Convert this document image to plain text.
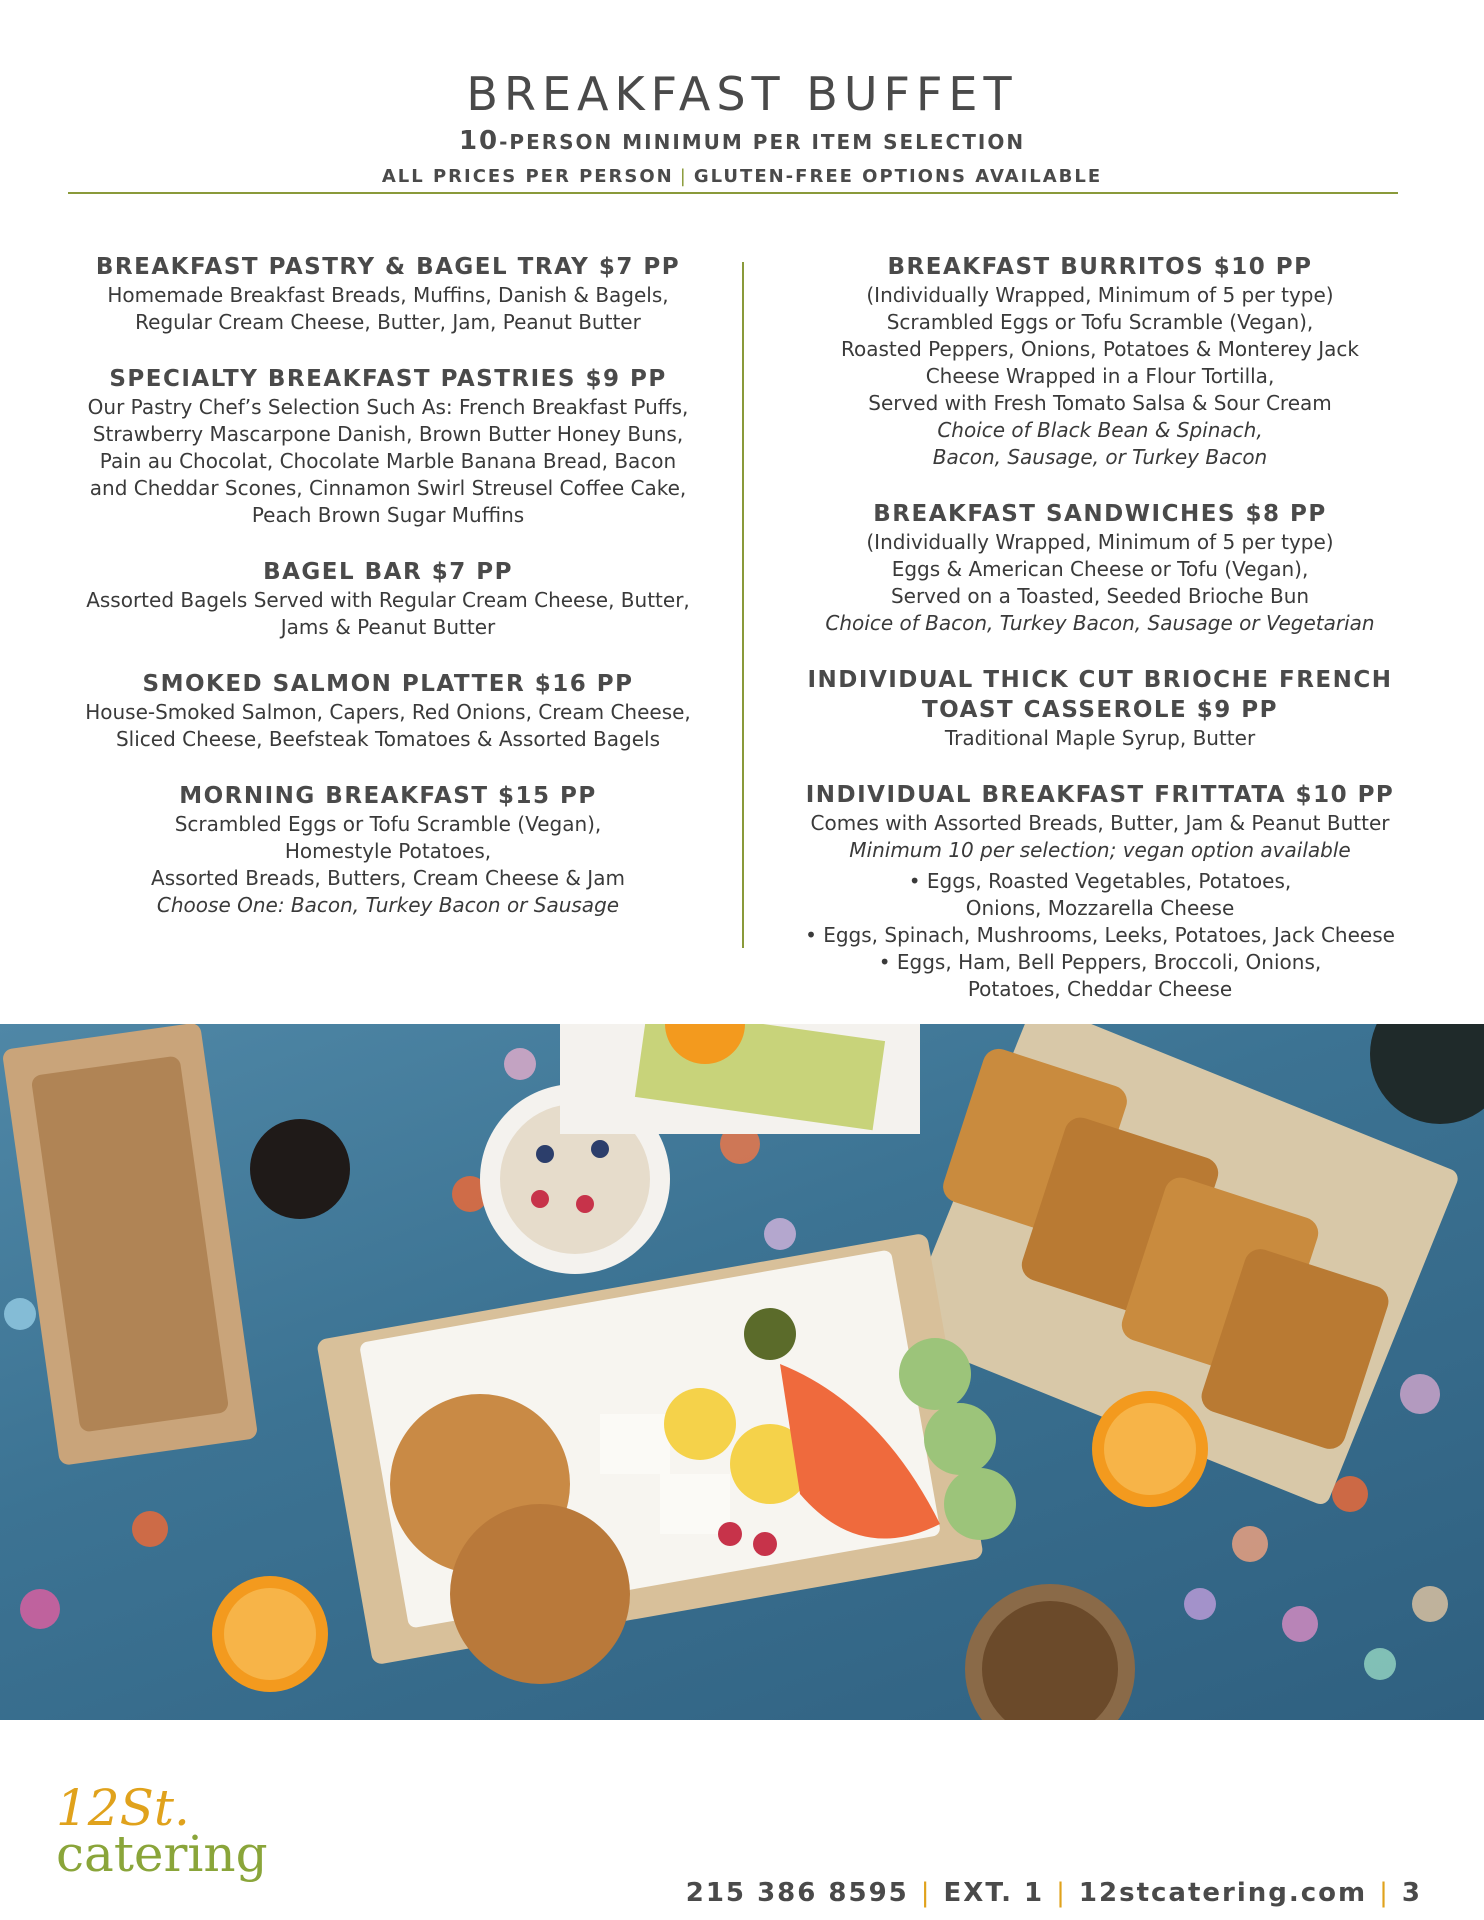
BREAKFAST BUFFET
10-PERSON MINIMUM PER ITEM SELECTION
ALL PRICES PER PERSON | GLUTEN-FREE OPTIONS AVAILABLE
BREAKFAST PASTRY & BAGEL TRAY $7 PP

Homemade Breakfast Breads, Muffins, Danish & Bagels,

Regular Cream Cheese, Butter, Jam, Peanut Butter

SPECIALTY BREAKFAST PASTRIES $9 PP

Our Pastry Chef’s Selection Such As: French Breakfast Puffs,

Strawberry Mascarpone Danish, Brown Butter Honey Buns,

Pain au Chocolat, Chocolate Marble Banana Bread, Bacon

and Cheddar Scones, Cinnamon Swirl Streusel Coffee Cake,

Peach Brown Sugar Muffins

BAGEL BAR $7 PP

Assorted Bagels Served with Regular Cream Cheese, Butter,

Jams & Peanut Butter

SMOKED SALMON PLATTER $16 PP

House-Smoked Salmon, Capers, Red Onions, Cream Cheese,

Sliced Cheese, Beefsteak Tomatoes & Assorted Bagels

MORNING BREAKFAST $15 PP

Scrambled Eggs or Tofu Scramble (Vegan),

Homestyle Potatoes,

Assorted Breads, Butters, Cream Cheese & Jam

Choose One: Bacon, Turkey Bacon or Sausage

BREAKFAST BURRITOS $10 PP

(Individually Wrapped, Minimum of 5 per type)

Scrambled Eggs or Tofu Scramble (Vegan),

Roasted Peppers, Onions, Potatoes & Monterey Jack

Cheese Wrapped in a Flour Tortilla,

Served with Fresh Tomato Salsa & Sour Cream

Choice of Black Bean & Spinach,

Bacon, Sausage, or Turkey Bacon

BREAKFAST SANDWICHES $8 PP

(Individually Wrapped, Minimum of 5 per type)

Eggs & American Cheese or Tofu (Vegan),

Served on a Toasted, Seeded Brioche Bun

Choice of Bacon, Turkey Bacon, Sausage or Vegetarian

INDIVIDUAL THICK CUT BRIOCHE FRENCH
TOAST CASSEROLE $9 PP

Traditional Maple Syrup, Butter

INDIVIDUAL BREAKFAST FRITTATA $10 PP

Comes with Assorted Breads, Butter, Jam & Peanut Butter

Minimum 10 per selection; vegan option available

• Eggs, Roasted Vegetables, Potatoes,
Onions, Mozzarella Cheese
• Eggs, Spinach, Mushrooms, Leeks, Potatoes, Jack Cheese
• Eggs, Ham, Bell Peppers, Broccoli, Onions,
Potatoes, Cheddar Cheese
12St.
catering
215 386 8595 | EXT. 1 | 12stcatering.com | 3
